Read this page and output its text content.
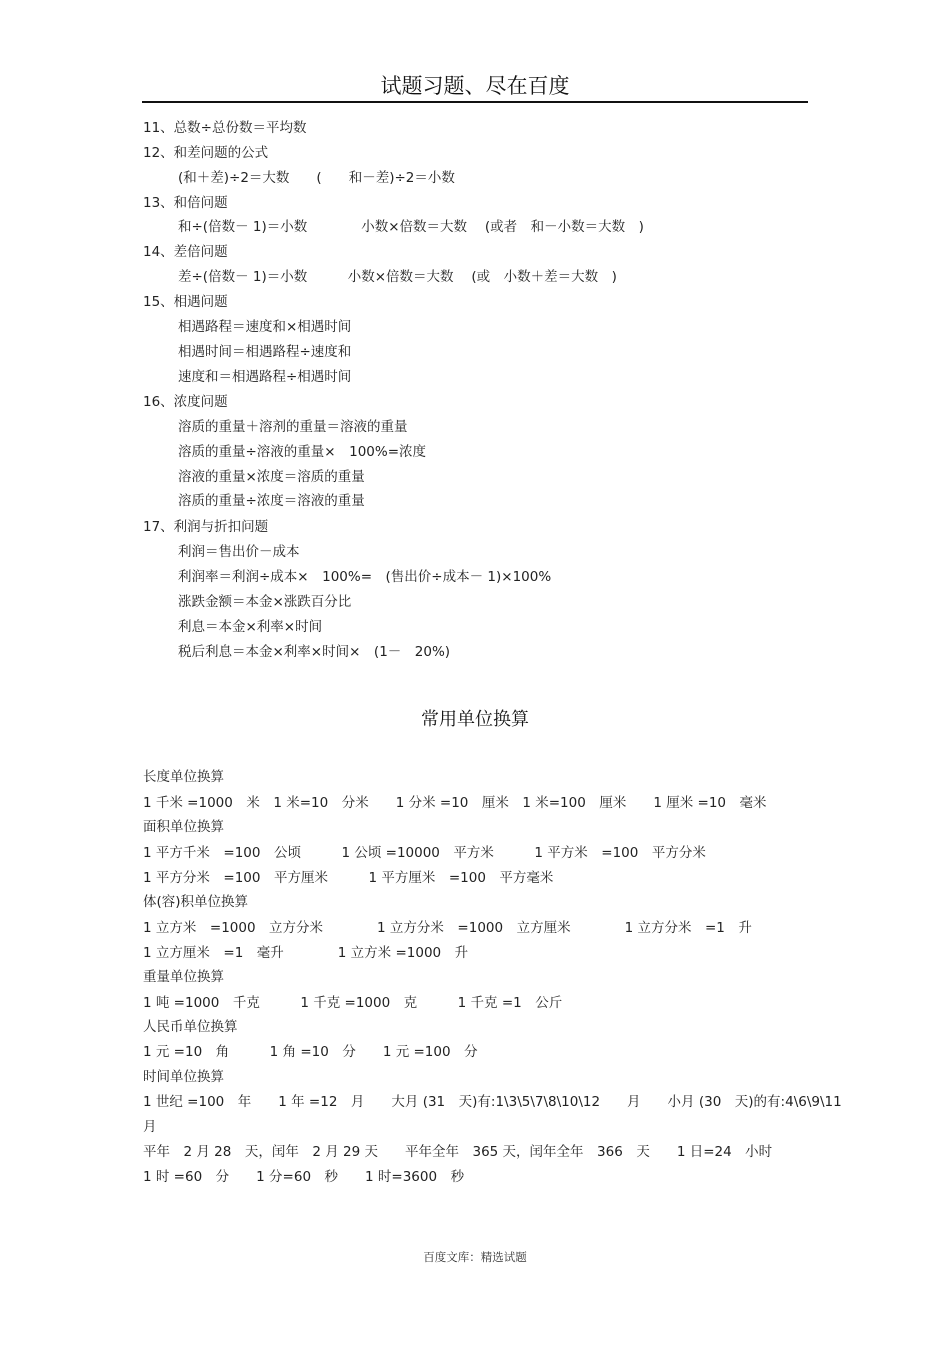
试题习题、尽在百度
11、总数÷总份数＝平均数
12、和差问题的公式
(和＋差)÷2＝大数　　(　　和－差)÷2＝小数
13、和倍问题
和÷(倍数－ 1)＝小数　　　　小数×倍数＝大数　 (或者　和－小数＝大数　)
14、差倍问题
差÷(倍数－ 1)＝小数　　　小数×倍数＝大数　 (或　小数＋差＝大数　)
15、相遇问题
相遇路程＝速度和×相遇时间
相遇时间＝相遇路程÷速度和
速度和＝相遇路程÷相遇时间
16、浓度问题
溶质的重量＋溶剂的重量＝溶液的重量
溶质的重量÷溶液的重量×　100%=浓度
溶液的重量×浓度＝溶质的重量
溶质的重量÷浓度＝溶液的重量
17、利润与折扣问题
利润＝售出价－成本
利润率＝利润÷成本×　100%=　(售出价÷成本－ 1)×100%
涨跌金额＝本金×涨跌百分比
利息＝本金×利率×时间
税后利息＝本金×利率×时间×　(1－　20%)
常用单位换算
长度单位换算
1 千米 =1000　米　1 米=10　分米　　1 分米 =10　厘米　1 米=100　厘米　　1 厘米 =10　毫米
面积单位换算
1 平方千米　=100　公顷　　　1 公顷 =10000　平方米　　　1 平方米　=100　平方分米
1 平方分米　=100　平方厘米　　　1 平方厘米　=100　平方毫米
体(容)积单位换算
1 立方米　=1000　立方分米　　　　1 立方分米　=1000　立方厘米　　　　1 立方分米　=1　升
1 立方厘米　=1　毫升　　　　1 立方米 =1000　升
重量单位换算
1 吨 =1000　千克　　　1 千克 =1000　克　　　1 千克 =1　公斤
人民币单位换算
1 元 =10　角　　　1 角 =10　分　　1 元 =100　分
时间单位换算
1 世纪 =100　年　　1 年 =12　月　　大月 (31　天)有:1\3\5\7\8\10\12　　月　　小月 (30　天)的有:4\6\9\11
月
平年　2 月 28　天，闰年　2 月 29 天　　平年全年　365 天，闰年全年　366　天　　1 日=24　小时
1 时 =60　分　　1 分=60　秒　　1 时=3600　秒
百度文库：精选试题
